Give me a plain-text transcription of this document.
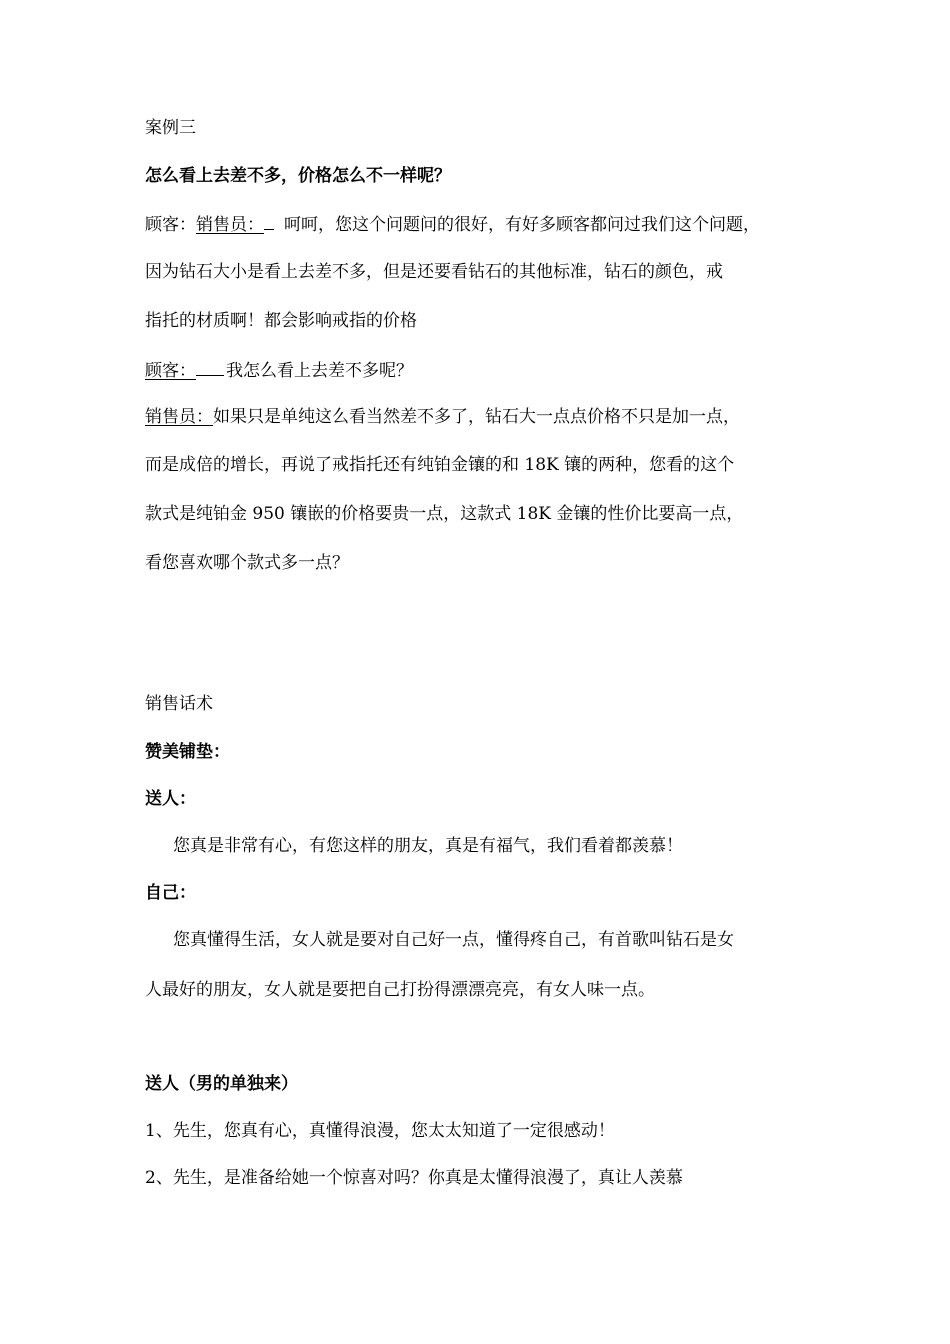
案例三
怎么看上去差不多，价格怎么不一样呢？
顾客：销售员： 呵呵，您这个问题问的很好，有好多顾客都问过我们这个问题，
因为钻石大小是看上去差不多，但是还要看钻石的其他标准，钻石的颜色，戒
指托的材质啊！都会影响戒指的价格
顾客： 我怎么看上去差不多呢？
销售员：如果只是单纯这么看当然差不多了，钻石大一点点价格不只是加一点，
而是成倍的增长，再说了戒指托还有纯铂金镶的和 18K 镶的两种，您看的这个
款式是纯铂金 950 镶嵌的价格要贵一点，这款式 18K 金镶的性价比要高一点，
看您喜欢哪个款式多一点？
销售话术
赞美铺垫：
送人：
您真是非常有心，有您这样的朋友，真是有福气，我们看着都羡慕！
自己：
您真懂得生活，女人就是要对自己好一点，懂得疼自己，有首歌叫钻石是女
人最好的朋友，女人就是要把自己打扮得漂漂亮亮，有女人味一点。
送人（男的单独来）
1、先生，您真有心，真懂得浪漫，您太太知道了一定很感动！
2、先生，是准备给她一个惊喜对吗？你真是太懂得浪漫了，真让人羡慕
